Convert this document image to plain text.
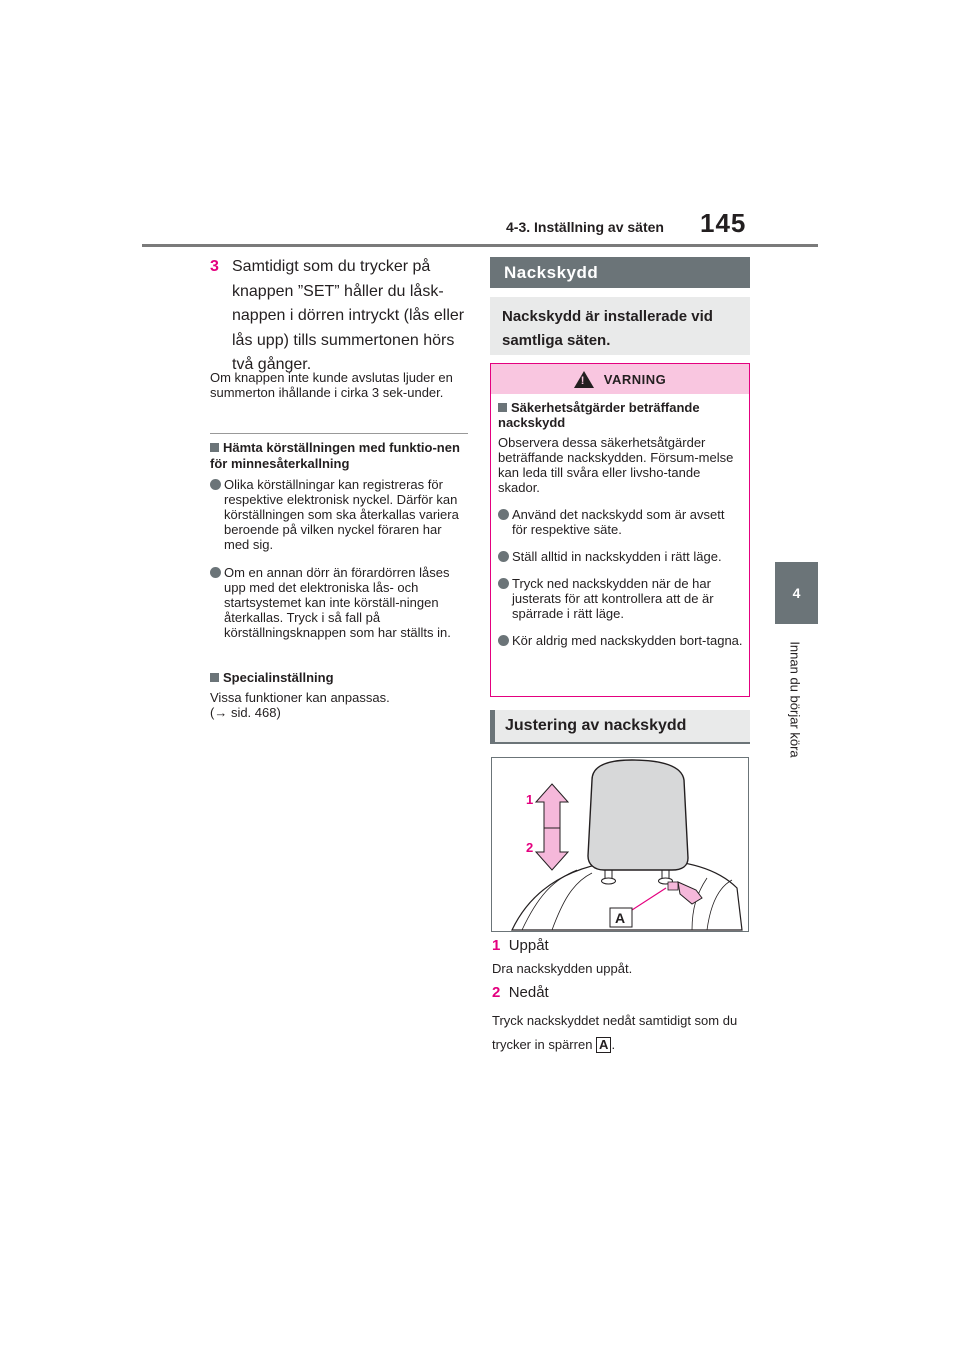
4-3. Inställning av säten 145
4
Innan du börjar köra
3 Samtidigt som du trycker på knappen ”SET” håller du låsk-nappen i dörren intryckt (lås eller lås upp) tills summertonen hörs två gånger.
Om knappen inte kunde avslutas ljuder en summerton ihållande i cirka 3 sek-under.
Hämta körställningen med funktio-nen för minnesåterkallning
Olika körställningar kan registreras för respektive elektronisk nyckel. Därför kan körställningen som ska återkallas variera beroende på vilken nyckel föraren har med sig.
Om en annan dörr än förardörren låses upp med det elektroniska lås- och startsystemet kan inte körställ-ningen återkallas. Tryck i så fall på körställningsknappen som har ställts in.
Specialinställning
Vissa funktioner kan anpassas.
(→ sid. 468)
Nackskydd
Nackskydd är installerade vid samtliga säten.
! VARNING
Säkerhetsåtgärder beträffande nackskydd
Observera dessa säkerhetsåtgärder beträffande nackskydden. Försum-melse kan leda till svåra eller livsho-tande skador.
Använd det nackskydd som är avsett för respektive säte.
Ställ alltid in nackskydden i rätt läge.
Tryck ned nackskydden när de har justerats för att kontrollera att de är spärrade i rätt läge.
Kör aldrig med nackskydden bort-tagna.
Justering av nackskydd
1
2
A
1 Uppåt
Dra nackskydden uppåt.
2 Nedåt
Tryck nackskyddet nedåt samtidigt som du trycker in spärren A .
